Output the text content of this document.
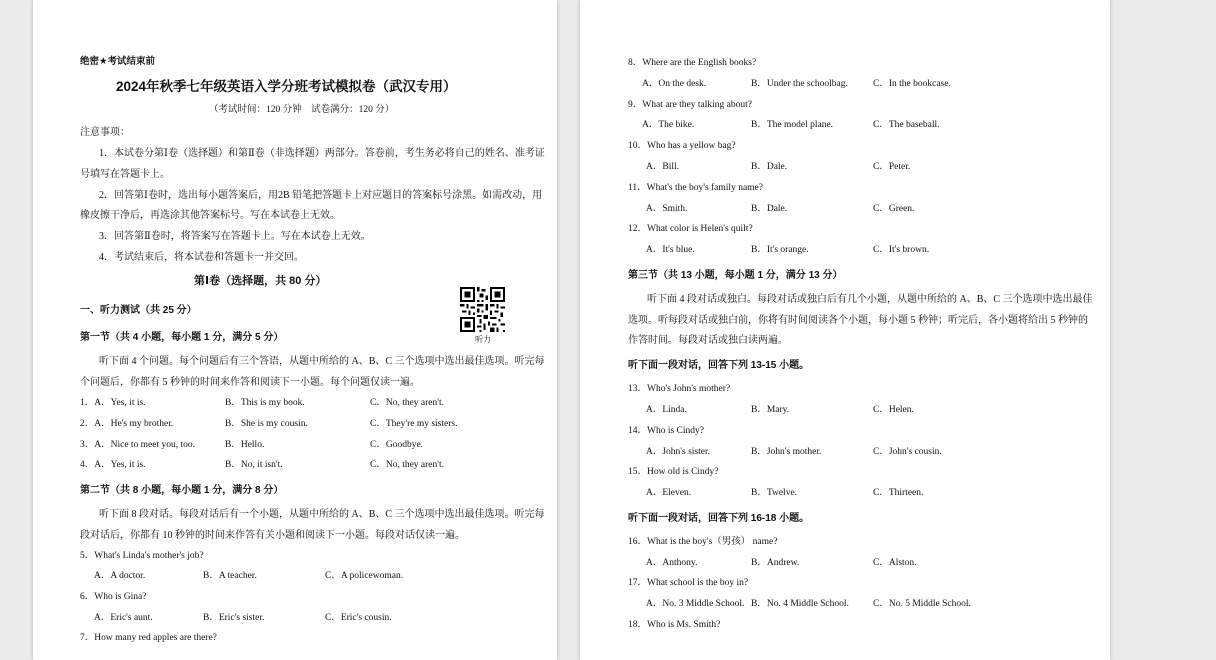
绝密★考试结束前
2024年秋季七年级英语入学分班考试模拟卷（武汉专用）
（考试时间：120 分钟　试卷满分：120 分）
注意事项：
1．本试卷分第Ⅰ卷（选择题）和第Ⅱ卷（非选择题）两部分。答卷前，考生务必将自己的姓名、准考证
号填写在答题卡上。
2．回答第Ⅰ卷时，选出每小题答案后，用2B 铅笔把答题卡上对应题目的答案标号涂黑。如需改动，用
橡皮擦干净后，再选涂其他答案标号。写在本试卷上无效。
3．回答第Ⅱ卷时，将答案写在答题卡上。写在本试卷上无效。
4．考试结束后，将本试卷和答题卡一并交回。
第Ⅰ卷（选择题，共 80 分）
一、听力测试（共 25 分）
听力
第一节（共 4 小题，每小题 1 分，满分 5 分）
听下面 4 个问题。每个问题后有三个答语，从题中所给的 A、B、C 三个选项中选出最佳选项。听完每
个问题后，你都有 5 秒钟的时间来作答和阅读下一小题。每个问题仅读一遍。
1．A．Yes, it is.	B．This is my book.	C．No, they aren't.
2．A．He's my brother.	B．She is my cousin.	C．They're my sisters.
3．A．Nice to meet you, too.	B．Hello.	C．Goodbye.
4．A．Yes, it is.	B．No, it isn't.	C．No, they aren't.
第二节（共 8 小题，每小题 1 分，满分 8 分）
听下面 8 段对话。每段对话后有一个小题，从题中所给的 A、B、C 三个选项中选出最佳选项。听完每
段对话后，你都有 10 秒钟的时间来作答有关小题和阅读下一小题。每段对话仅读一遍。
5．What's Linda's mother's job?
A．A doctor.	B．A teacher.	C．A policewoman.
6．Who is Gina?
A．Eric's aunt.	B．Eric's sister.	C．Eric's cousin.
7．How many red apples are there?
8．Where are the English books?
A．On the desk.	B．Under the schoolbag.	C．In the bookcase.
9．What are they talking about?
A．The bike.	B．The model plane.	C．The baseball.
10．Who has a yellow bag?
A．Bill.	B．Dale.	C．Peter.
11．What's the boy's family name?
A．Smith.	B．Dale.	C．Green.
12．What color is Helen's quilt?
A．It's blue.	B．It's orange.	C．It's brown.
第三节（共 13 小题，每小题 1 分，满分 13 分）
听下面 4 段对话或独白。每段对话或独白后有几个小题，从题中所给的 A、B、C 三个选项中选出最佳
选项。听每段对话或独白前，你将有时间阅读各个小题，每小题 5 秒钟；听完后，各小题将给出 5 秒钟的
作答时间。每段对话或独白读两遍。
听下面一段对话，回答下列 13-15 小题。
13．Who's John's mother?
A．Linda.	B．Mary.	C．Helen.
14．Who is Cindy?
A．John's sister.	B．John's mother.	C．John's cousin.
15．How old is Cindy?
A．Eleven.	B．Twelve.	C．Thirteen.
听下面一段对话，回答下列 16-18 小题。
16．What is the boy's（男孩） name?
A．Anthony.	B．Andrew.	C．Alston.
17．What school is the boy in?
A．No. 3 Middle School. B．No. 4 Middle School.	C．No. 5 Middle School.
18．Who is Ms. Smith?
